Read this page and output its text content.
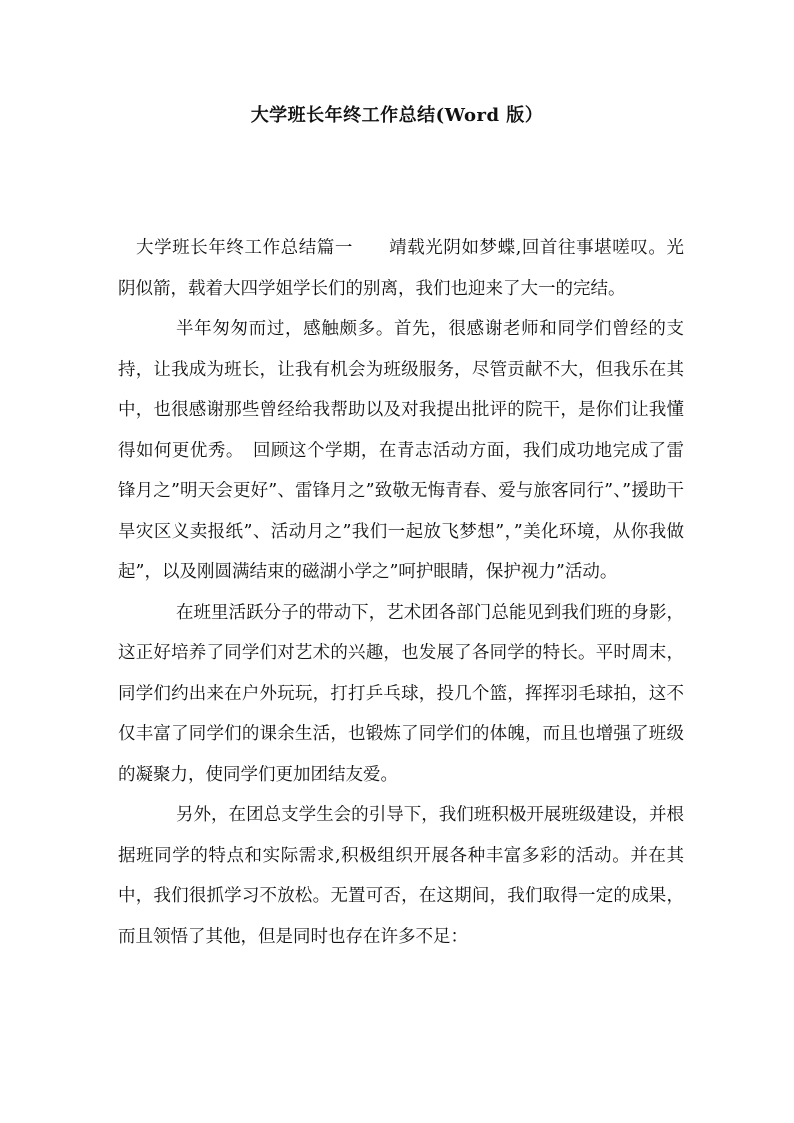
大学班长年终工作总结(Word 版）

大学班长年终工作总结篇一　　靖载光阴如梦蝶,回首往事堪嗟叹。光阴似箭，载着大四学姐学长们的别离，我们也迎来了大一的完结。

半年匆匆而过，感触颇多。首先，很感谢老师和同学们曾经的支持，让我成为班长，让我有机会为班级服务，尽管贡献不大，但我乐在其中，也很感谢那些曾经给我帮助以及对我提出批评的院干，是你们让我懂得如何更优秀。　回顾这个学期，在青志活动方面，我们成功地完成了雷锋月之”明天会更好”、雷锋月之”致敬无悔青春、爱与旅客同行”、”援助干旱灾区义卖报纸”、活动月之”我们一起放飞梦想”，”美化环境，从你我做起”，以及刚圆满结束的磁湖小学之”呵护眼睛，保护视力”活动。

在班里活跃分子的带动下，艺术团各部门总能见到我们班的身影，这正好培养了同学们对艺术的兴趣，也发展了各同学的特长。平时周末，同学们约出来在户外玩玩，打打乒乓球，投几个篮，挥挥羽毛球拍，这不仅丰富了同学们的课余生活，也锻炼了同学们的体魄，而且也增强了班级的凝聚力，使同学们更加团结友爱。

另外，在团总支学生会的引导下，我们班积极开展班级建设，并根据班同学的特点和实际需求,积极组织开展各种丰富多彩的活动。并在其中，我们很抓学习不放松。无置可否，在这期间，我们取得一定的成果，而且领悟了其他，但是同时也存在许多不足：
